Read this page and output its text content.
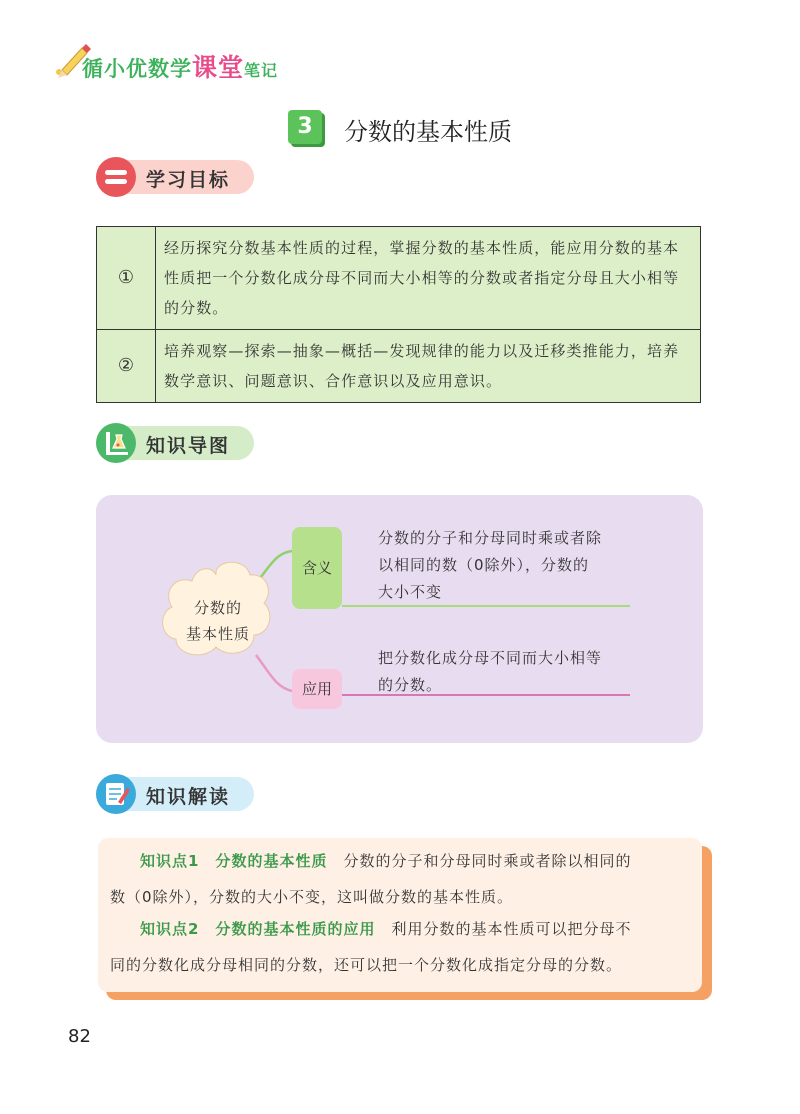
循小优数学课堂笔记
3	分数的基本性质
学习目标
①	经历探究分数基本性质的过程，掌握分数的基本性质，能应用分数的基本性质把一个分数化成分母不同而大小相等的分数或者指定分母且大小相等的分数。
②	培养观察—探索—抽象—概括—发现规律的能力以及迁移类推能力，培养数学意识、问题意识、合作意识以及应用意识。
知识导图
分数的
基本性质
含义
分数的分子和分母同时乘或者除
以相同的数（0除外），分数的
大小不变
应用
把分数化成分母不同而大小相等
的分数。
知识解读
知识点1　分数的基本性质　分数的分子和分母同时乘或者除以相同的
数（0除外），分数的大小不变，这叫做分数的基本性质。
知识点2　分数的基本性质的应用　利用分数的基本性质可以把分母不
同的分数化成分母相同的分数，还可以把一个分数化成指定分母的分数。
82
